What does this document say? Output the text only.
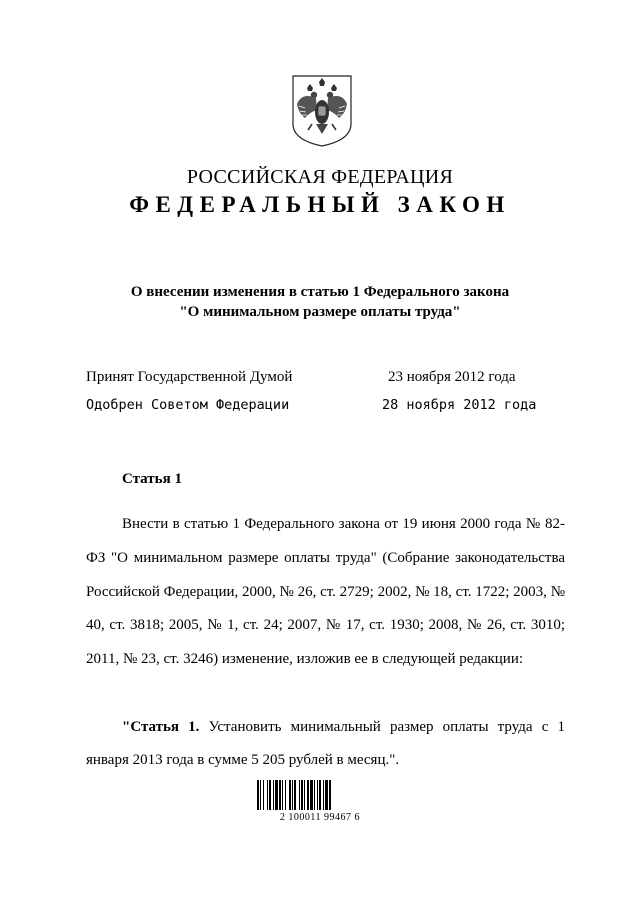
РОССИЙСКАЯ ФЕДЕРАЦИЯ
ФЕДЕРАЛЬНЫЙ ЗАКОН
О внесении изменения в статью 1 Федерального закона
"О минимальном размере оплаты труда"
Принят Государственной Думой	23 ноября 2012 года
Одобрен Советом Федерации	28 ноября 2012 года
Статья 1

Внести в статью 1 Федерального закона от 19 июня 2000 года № 82-ФЗ "О минимальном размере оплаты труда" (Собрание законодательства Российской Федерации, 2000, № 26, ст. 2729; 2002, № 18, ст. 1722; 2003, № 40, ст. 3818; 2005, № 1, ст. 24; 2007, № 17, ст. 1930; 2008, № 26, ст. 3010; 2011, № 23, ст. 3246) изменение, изложив ее в следующей редакции:

"Статья 1. Установить минимальный размер оплаты труда с 1 января 2013 года в сумме 5 205 рублей в месяц.".

2 100011 99467 6
